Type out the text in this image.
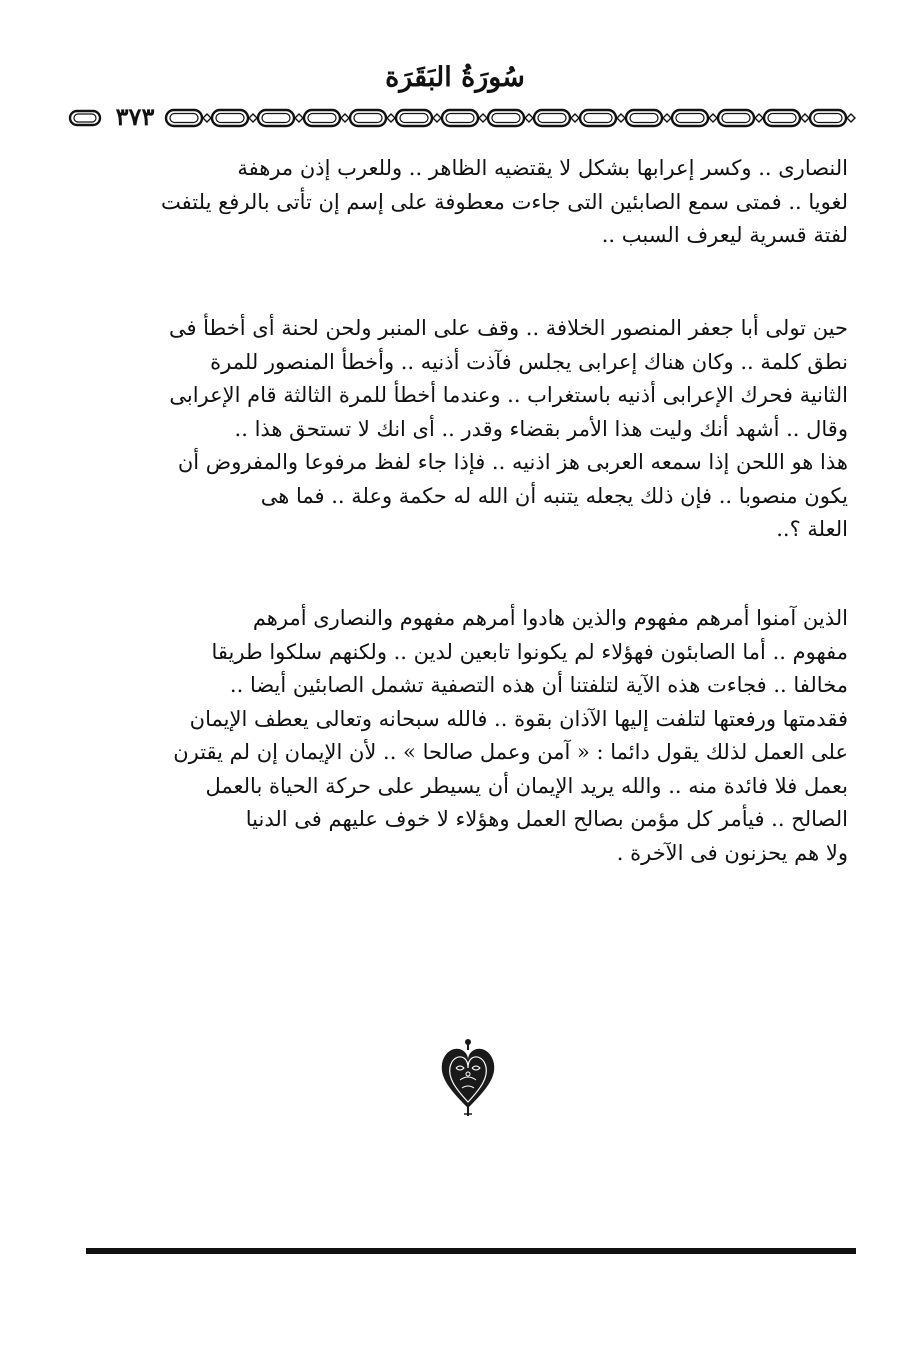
سُورَةُ البَقَرَة
٣٧٣
النصارى .. وكسر إعرابها بشكل لا يقتضيه الظاهر .. وللعرب إذن مرهفة
لغويا .. فمتى سمع الصابئين التى جاءت معطوفة على إسم إن تأتى بالرفع يلتفت
لفتة قسرية ليعرف السبب ..
حين تولى أبا جعفر المنصور الخلافة .. وقف على المنبر ولحن لحنة أى أخطأ فى
نطق كلمة .. وكان هناك إعرابى يجلس فآذت أذنيه .. وأخطأ المنصور للمرة
الثانية فحرك الإعرابى أذنيه باستغراب .. وعندما أخطأ للمرة الثالثة قام الإعرابى
وقال .. أشهد أنك وليت هذا الأمر بقضاء وقدر .. أى انك لا تستحق هذا ..
هذا هو اللحن إذا سمعه العربى هز اذنيه .. فإذا جاء لفظ مرفوعا والمفروض أن
يكون منصوبا .. فإن ذلك يجعله يتنبه أن الله له حكمة وعلة .. فما هى
العلة ؟..
الذين آمنوا أمرهم مفهوم والذين هادوا أمرهم مفهوم والنصارى أمرهم
مفهوم .. أما الصابئون فهؤلاء لم يكونوا تابعين لدين .. ولكنهم سلكوا طريقا
مخالفا .. فجاءت هذه الآية لتلفتنا أن هذه التصفية تشمل الصابئين أيضا ..
فقدمتها ورفعتها لتلفت إليها الآذان بقوة .. فالله سبحانه وتعالى يعطف الإيمان
على العمل لذلك يقول دائما : « آمن وعمل صالحا » .. لأن الإيمان إن لم يقترن
بعمل فلا فائدة منه .. والله يريد الإيمان أن يسيطر على حركة الحياة بالعمل
الصالح .. فيأمر كل مؤمن بصالح العمل وهؤلاء لا خوف عليهم فى الدنيا
ولا هم يحزنون فى الآخرة .
